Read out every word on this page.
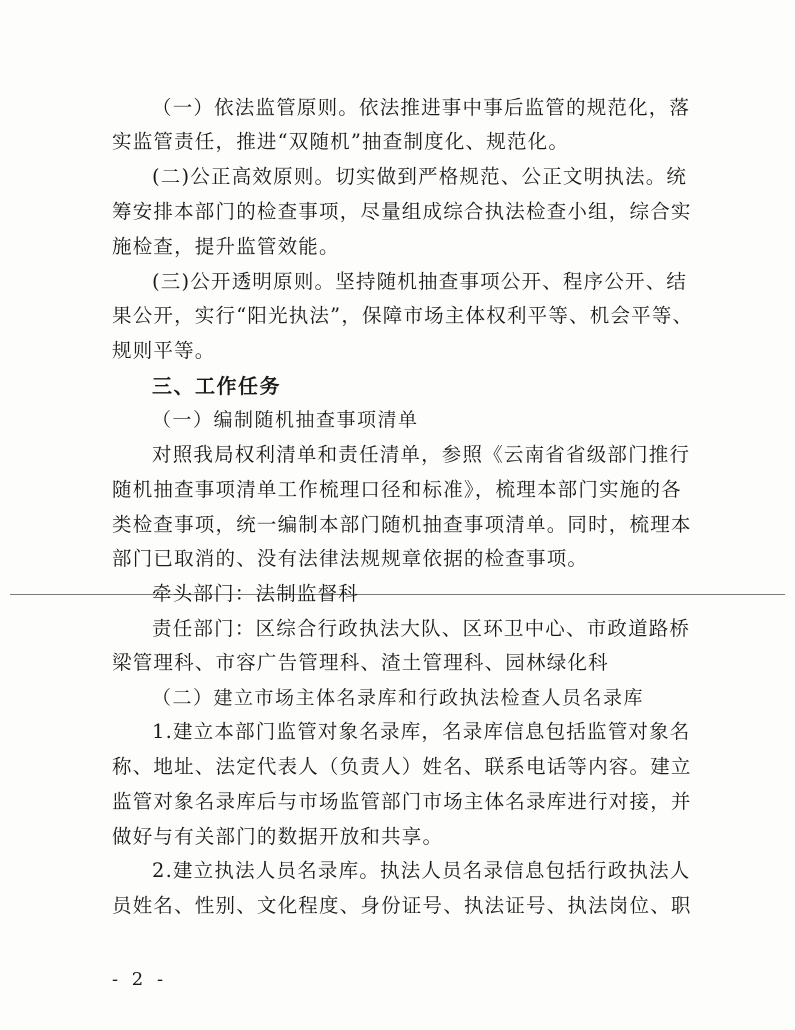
（一）依法监管原则。依法推进事中事后监管的规范化，落
实监管责任，推进“双随机”抽查制度化、规范化。
(二)公正高效原则。切实做到严格规范、公正文明执法。统
筹安排本部门的检查事项，尽量组成综合执法检查小组，综合实
施检查，提升监管效能。
(三)公开透明原则。坚持随机抽查事项公开、程序公开、结
果公开，实行“阳光执法”，保障市场主体权利平等、机会平等、
规则平等。
三、工作任务
（一）编制随机抽查事项清单
对照我局权利清单和责任清单，参照《云南省省级部门推行
随机抽查事项清单工作梳理口径和标准》，梳理本部门实施的各
类检查事项，统一编制本部门随机抽查事项清单。同时，梳理本
部门已取消的、没有法律法规规章依据的检查事项。
牵头部门：法制监督科
责任部门：区综合行政执法大队、区环卫中心、市政道路桥
梁管理科、市容广告管理科、渣土管理科、园林绿化科
（二）建立市场主体名录库和行政执法检查人员名录库
1.建立本部门监管对象名录库，名录库信息包括监管对象名
称、地址、法定代表人（负责人）姓名、联系电话等内容。建立
监管对象名录库后与市场监管部门市场主体名录库进行对接，并
做好与有关部门的数据开放和共享。
2.建立执法人员名录库。执法人员名录信息包括行政执法人
员姓名、性别、文化程度、身份证号、执法证号、执法岗位、职
- 2 -
